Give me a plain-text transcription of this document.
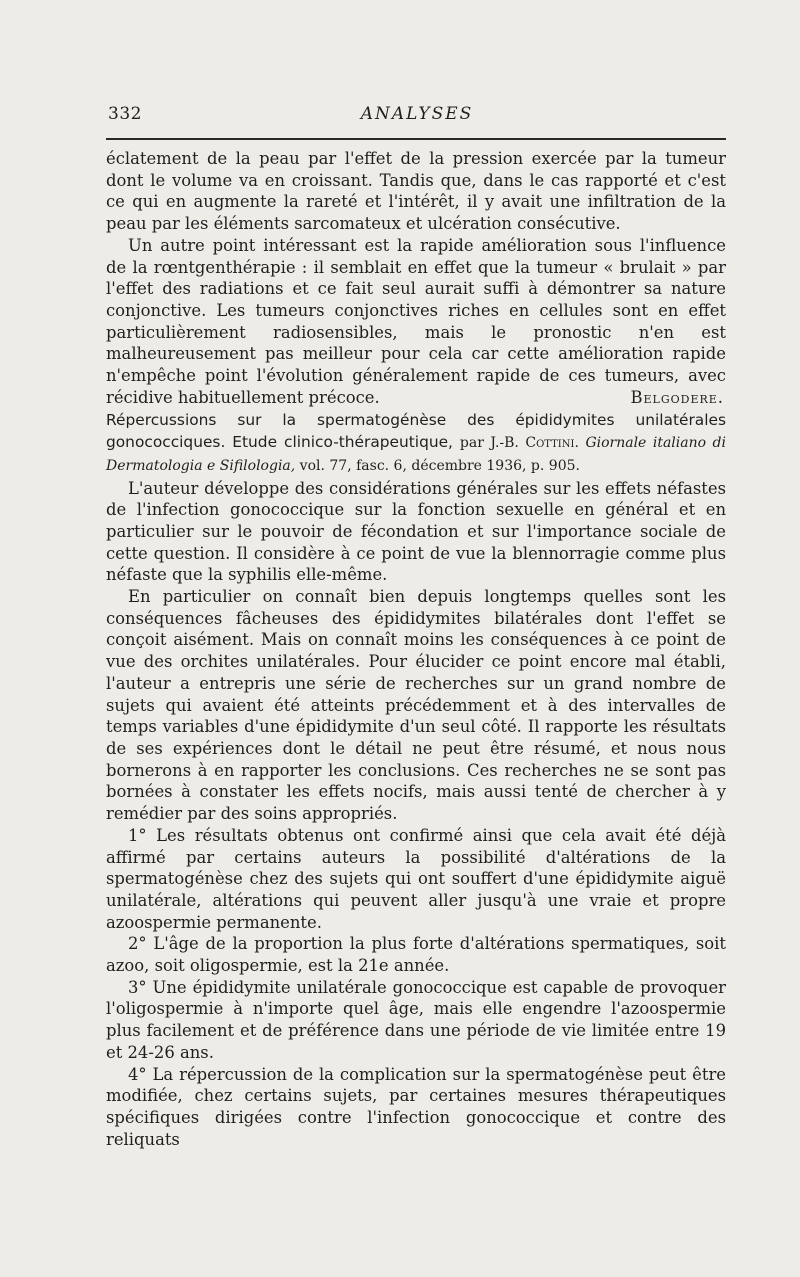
332	ANALYSES

éclatement de la peau par l'effet de la pression exercée par la tumeur dont le volume va en croissant. Tandis que, dans le cas rapporté et c'est ce qui en augmente la rareté et l'intérêt, il y avait une infiltration de la peau par les éléments sarcomateux et ulcération consécutive.

Un autre point intéressant est la rapide amélioration sous l'influence de la rœntgenthérapie : il semblait en effet que la tumeur « brulait » par l'effet des radiations et ce fait seul aurait suffi à démontrer sa nature conjonctive. Les tumeurs conjonctives riches en cellules sont en effet particulièrement radiosensibles, mais le pronostic n'en est malheureusement pas meilleur pour cela car cette amélioration rapide n'empêche point l'évolution généralement rapide de ces tumeurs, avec récidive habituellement précoce.	Belgodere.
Répercussions sur la spermatogénèse des épididymites unilatérales gonococciques. Etude clinico-thérapeutique, par J.-B. Cottini. Giornale italiano di Dermatologia e Sifilologia, vol. 77, fasc. 6, décembre 1936, p. 905.

L'auteur développe des considérations générales sur les effets néfastes de l'infection gonococcique sur la fonction sexuelle en général et en particulier sur le pouvoir de fécondation et sur l'importance sociale de cette question. Il considère à ce point de vue la blennorragie comme plus néfaste que la syphilis elle-même.

En particulier on connaît bien depuis longtemps quelles sont les conséquences fâcheuses des épididymites bilatérales dont l'effet se conçoit aisément. Mais on connaît moins les conséquences à ce point de vue des orchites unilatérales. Pour élucider ce point encore mal établi, l'auteur a entrepris une série de recherches sur un grand nombre de sujets qui avaient été atteints précédemment et à des intervalles de temps variables d'une épididymite d'un seul côté. Il rapporte les résultats de ses expériences dont le détail ne peut être résumé, et nous nous bornerons à en rapporter les conclusions. Ces recherches ne se sont pas bornées à constater les effets nocifs, mais aussi tenté de chercher à y remédier par des soins appropriés.

1° Les résultats obtenus ont confirmé ainsi que cela avait été déjà affirmé par certains auteurs la possibilité d'altérations de la spermatogénèse chez des sujets qui ont souffert d'une épididymite aiguë unilatérale, altérations qui peuvent aller jusqu'à une vraie et propre azoospermie permanente.

2° L'âge de la proportion la plus forte d'altérations spermatiques, soit azoo, soit oligospermie, est la 21e année.

3° Une épididymite unilatérale gonococcique est capable de provoquer l'oligospermie à n'importe quel âge, mais elle engendre l'azoospermie plus facilement et de préférence dans une période de vie limitée entre 19 et 24-26 ans.

4° La répercussion de la complication sur la spermatogénèse peut être modifiée, chez certains sujets, par certaines mesures thérapeutiques spécifiques dirigées contre l'infection gonococcique et contre des reliquats
